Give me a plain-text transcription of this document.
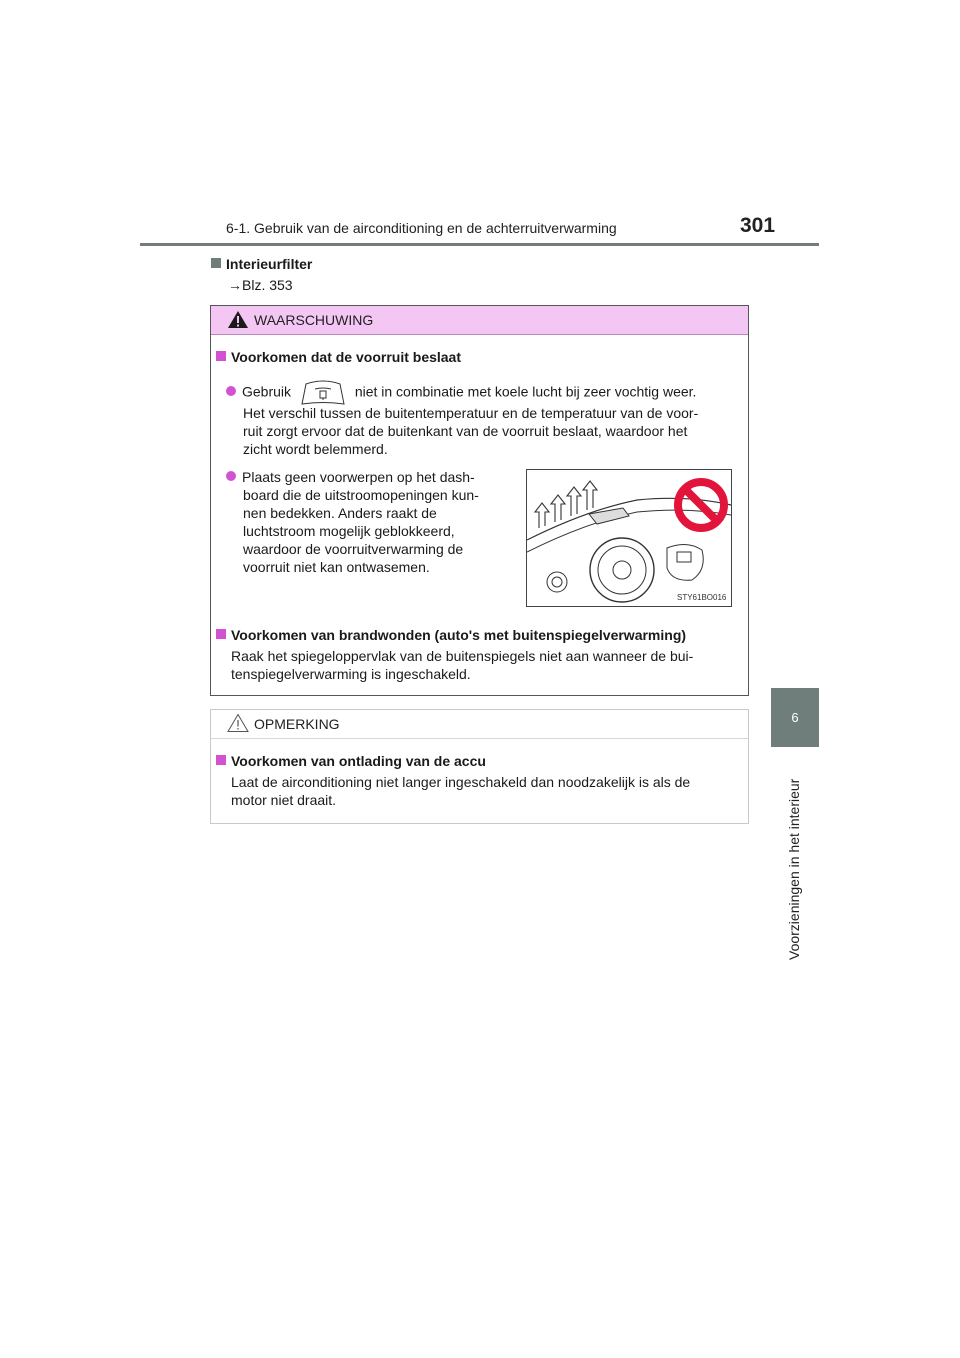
6-1. Gebruik van de airconditioning en de achterruitverwarming	301
6
Voorzieningen in het interieur
Interieurfilter
→Blz. 353
WAARSCHUWING
Voorkomen dat de voorruit beslaat
Gebruik	niet in combinatie met koele lucht bij zeer vochtig weer.
Het verschil tussen de buitentemperatuur en de temperatuur van de voor-
ruit zorgt ervoor dat de buitenkant van de voorruit beslaat, waardoor het
zicht wordt belemmerd.
Plaats geen voorwerpen op het dash-
board die de uitstroomopeningen kun-
nen bedekken. Anders raakt de
luchtstroom mogelijk geblokkeerd,
waardoor de voorruitverwarming de
voorruit niet kan ontwasemen.
STY61BO016
Voorkomen van brandwonden (auto's met buitenspiegelverwarming)
Raak het spiegeloppervlak van de buitenspiegels niet aan wanneer de bui-
tenspiegelverwarming is ingeschakeld.
OPMERKING
Voorkomen van ontlading van de accu
Laat de airconditioning niet langer ingeschakeld dan noodzakelijk is als de
motor niet draait.
